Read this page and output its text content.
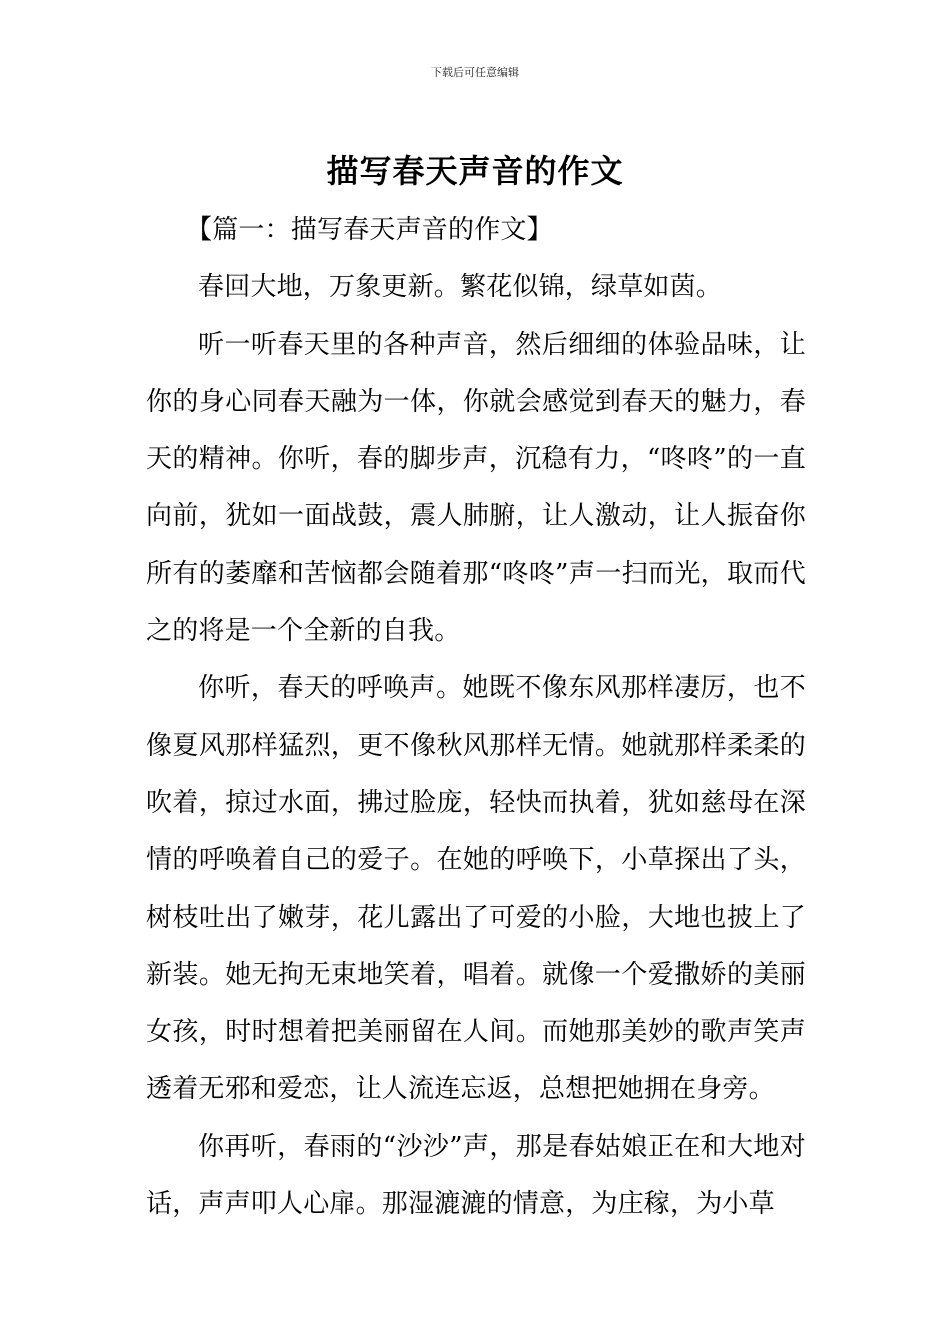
下载后可任意编辑
描写春天声音的作文

【篇一：描写春天声音的作文】

春回大地，万象更新。繁花似锦，绿草如茵。

听一听春天里的各种声音，然后细细的体验品味，让你的身心同春天融为一体，你就会感觉到春天的魅力，春天的精神。你听，春的脚步声，沉稳有力，“咚咚”的一直向前，犹如一面战鼓，震人肺腑，让人激动，让人振奋你所有的萎靡和苦恼都会随着那“咚咚”声一扫而光，取而代之的将是一个全新的自我。

你听，春天的呼唤声。她既不像东风那样凄厉，也不像夏风那样猛烈，更不像秋风那样无情。她就那样柔柔的吹着，掠过水面，拂过脸庞，轻快而执着，犹如慈母在深情的呼唤着自己的爱子。在她的呼唤下，小草探出了头，树枝吐出了嫩芽，花儿露出了可爱的小脸，大地也披上了新装。她无拘无束地笑着，唱着。就像一个爱撒娇的美丽女孩，时时想着把美丽留在人间。而她那美妙的歌声笑声透着无邪和爱恋，让人流连忘返，总想把她拥在身旁。

你再听，春雨的“沙沙”声，那是春姑娘正在和大地对话，声声叩人心扉。那湿漉漉的情意，为庄稼，为小草
